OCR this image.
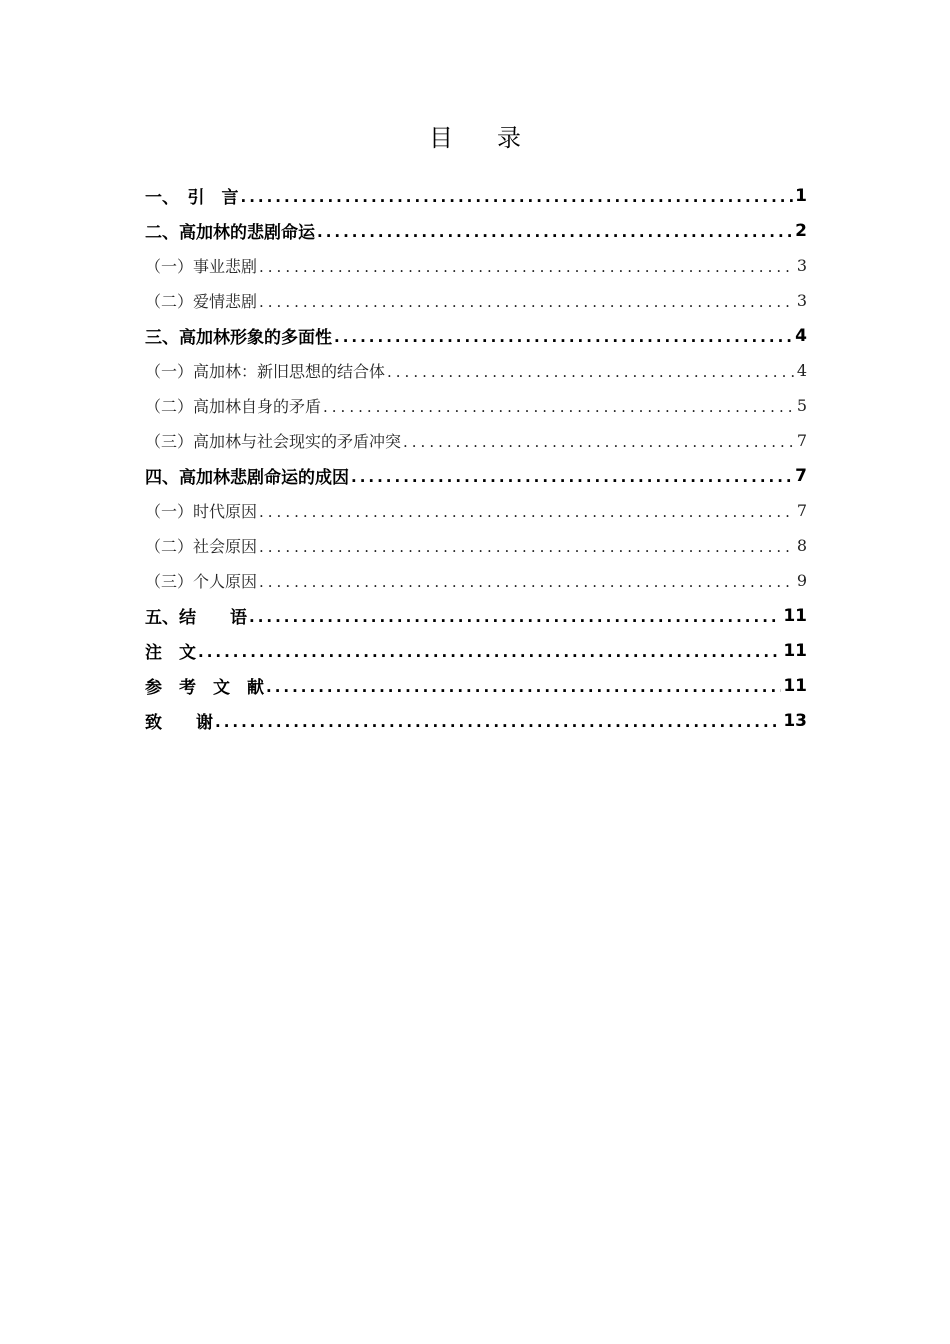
目 录
一、　引　言 .....	1
二、高加林的悲剧命运 .....	2
（一）事业悲剧 .....	3
（二）爱情悲剧 .....	3
三、高加林形象的多面性 .....	4
（一）高加林：新旧思想的结合体 .....	4
（二）高加林自身的矛盾 .....	5
（三）高加林与社会现实的矛盾冲突 .....	7
四、高加林悲剧命运的成因 .....	7
（一）时代原因 .....	7
（二）社会原因 .....	8
（三）个人原因 .....	9
五、结　　语 .....	11
注　文 .....	11
参　考　文　献 .....	11
致　　谢 .....	13
